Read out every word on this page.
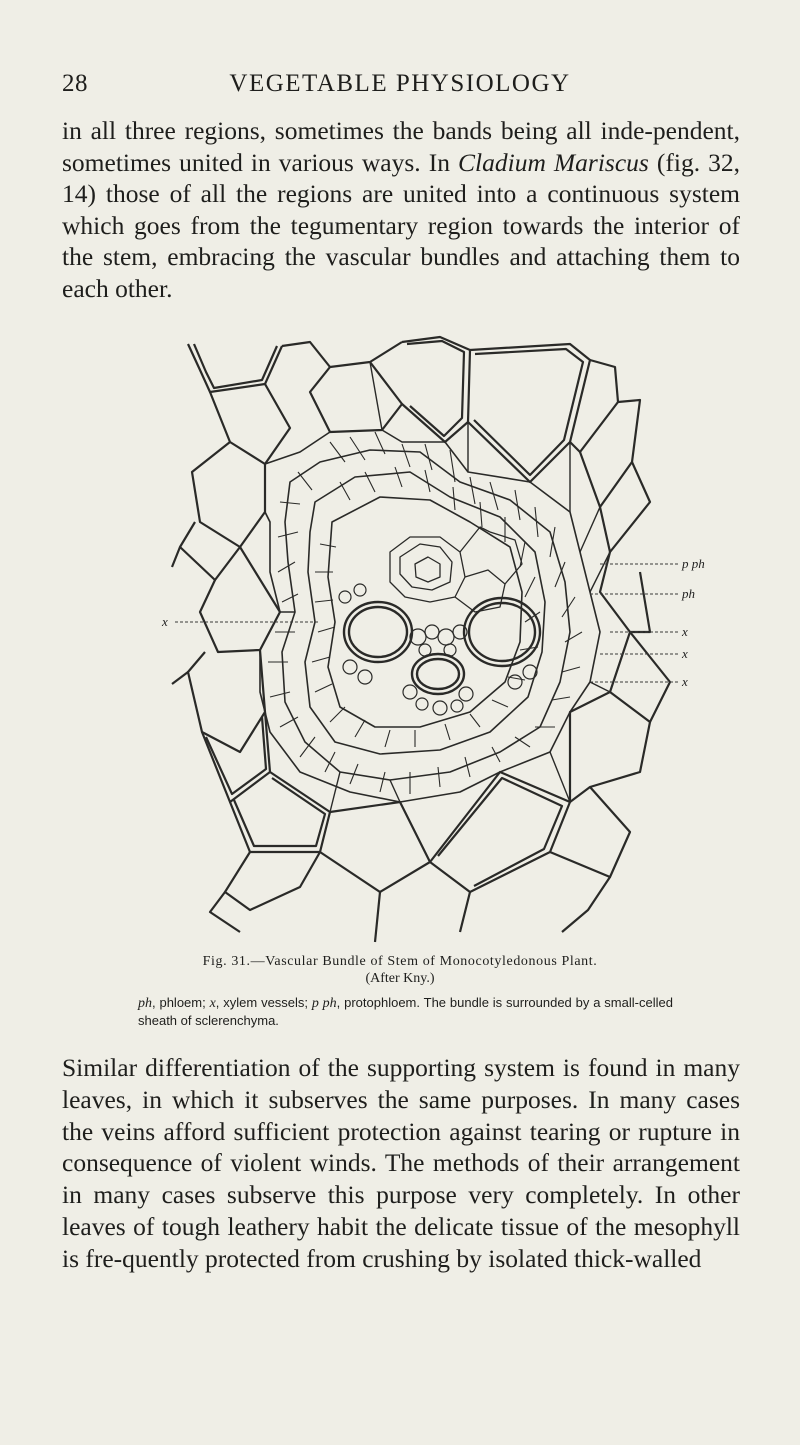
28	VEGETABLE PHYSIOLOGY

in all three regions, sometimes the bands being all inde-pendent, sometimes united in various ways. In Cladium Mariscus (fig. 32, 14) those of all the regions are united into a continuous system which goes from the tegumentary region towards the interior of the stem, embracing the vascular bundles and attaching them to each other.

p ph
ph
x
x
x
x
Fig. 31.—Vascular Bundle of Stem of Monocotyledonous Plant.
(After Kny.)
ph, phloem; x, xylem vessels; p ph, protophloem. The bundle is surrounded by a small-celled sheath of sclerenchyma.

Similar differentiation of the supporting system is found in many leaves, in which it subserves the same purposes. In many cases the veins afford sufficient protection against tearing or rupture in consequence of violent winds. The methods of their arrangement in many cases subserve this purpose very completely. In other leaves of tough leathery habit the delicate tissue of the mesophyll is fre-quently protected from crushing by isolated thick-walled
